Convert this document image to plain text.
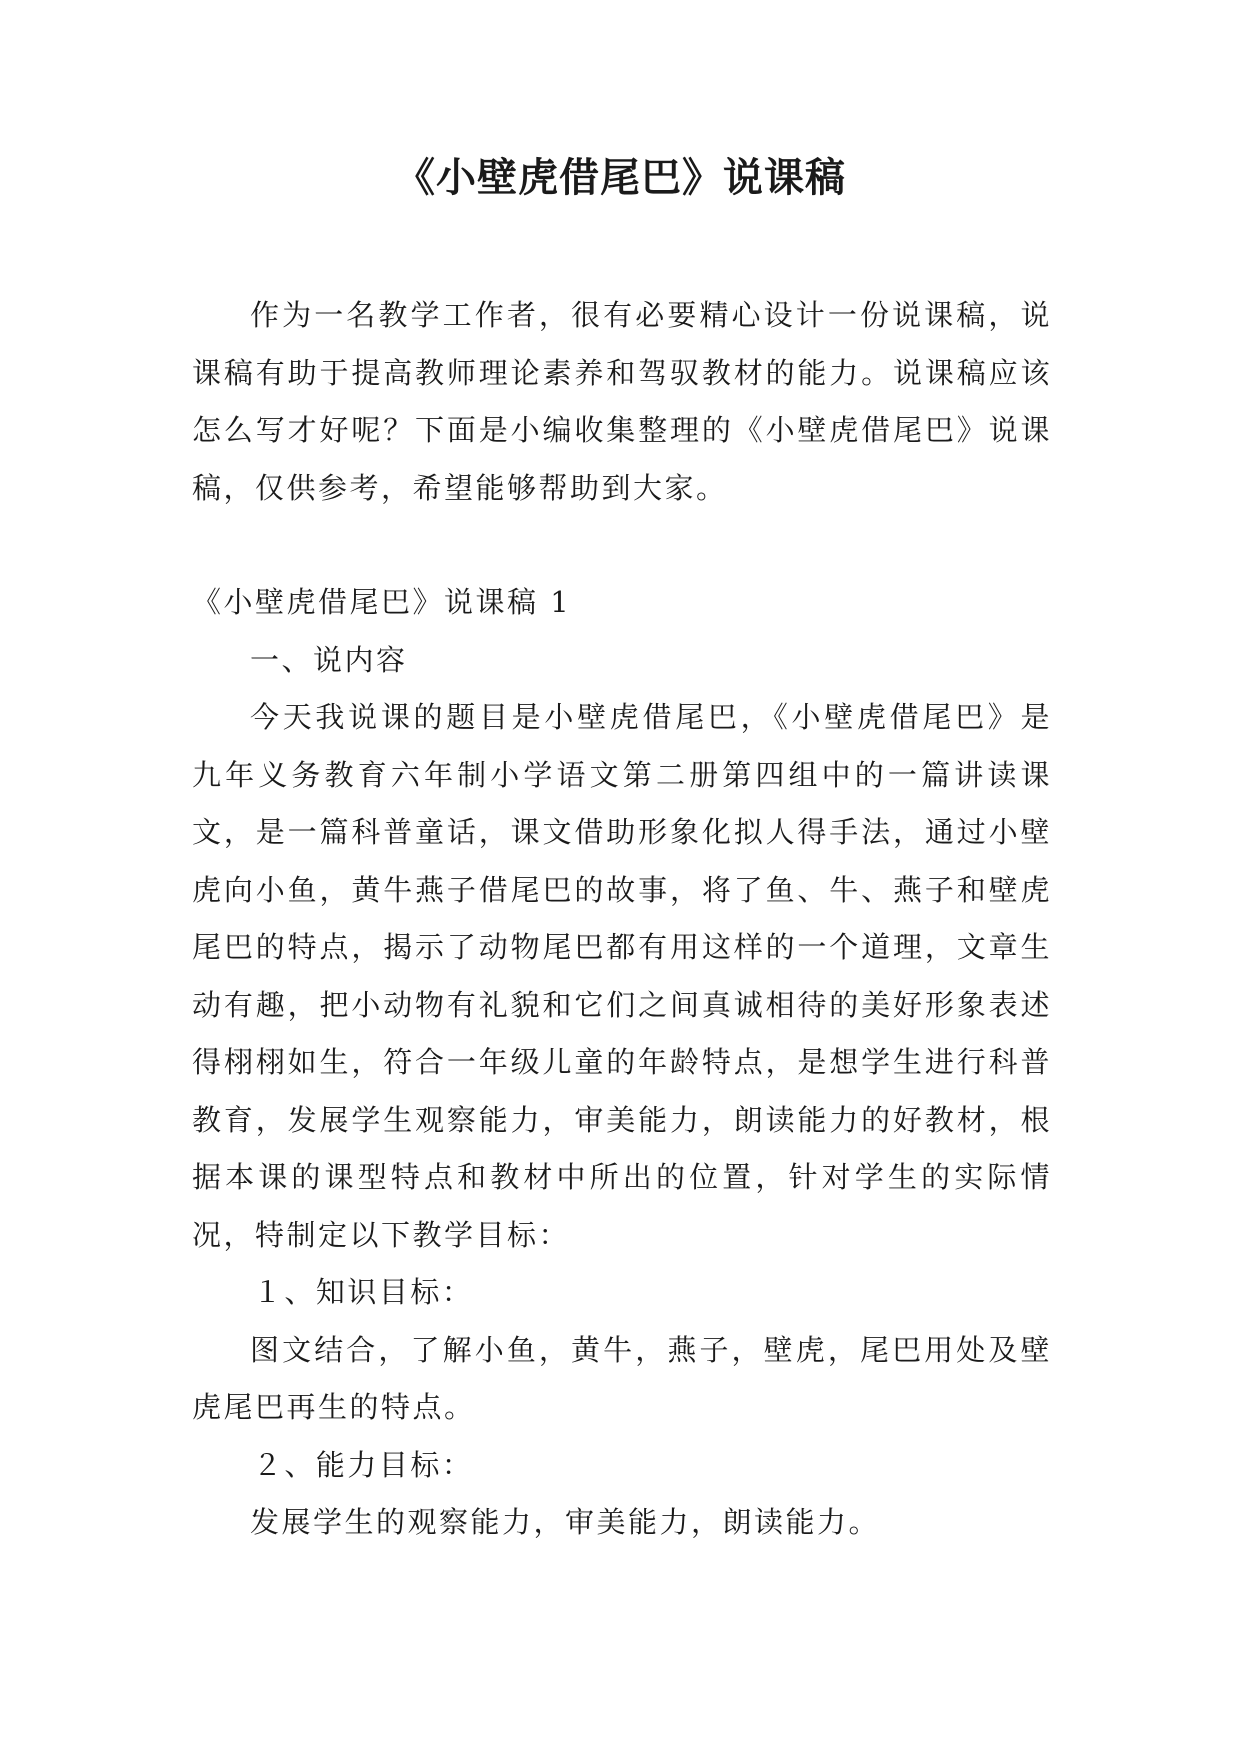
《小壁虎借尾巴》说课稿

作为一名教学工作者，很有必要精心设计一份说课稿，说课稿有助于提高教师理论素养和驾驭教材的能力。说课稿应该怎么写才好呢？下面是小编收集整理的《小壁虎借尾巴》说课稿，仅供参考，希望能够帮助到大家。

《小壁虎借尾巴》说课稿 1

一、说内容

今天我说课的题目是小壁虎借尾巴，《小壁虎借尾巴》是九年义务教育六年制小学语文第二册第四组中的一篇讲读课文，是一篇科普童话，课文借助形象化拟人得手法，通过小壁虎向小鱼，黄牛燕子借尾巴的故事，将了鱼、牛、燕子和壁虎尾巴的特点，揭示了动物尾巴都有用这样的一个道理，文章生动有趣，把小动物有礼貌和它们之间真诚相待的美好形象表述得栩栩如生，符合一年级儿童的年龄特点，是想学生进行科普教育，发展学生观察能力，审美能力，朗读能力的好教材，根据本课的课型特点和教材中所出的位置，针对学生的实际情况，特制定以下教学目标：

１、知识目标：

图文结合，了解小鱼，黄牛，燕子，壁虎，尾巴用处及壁虎尾巴再生的特点。

２、能力目标：

发展学生的观察能力，审美能力，朗读能力。
